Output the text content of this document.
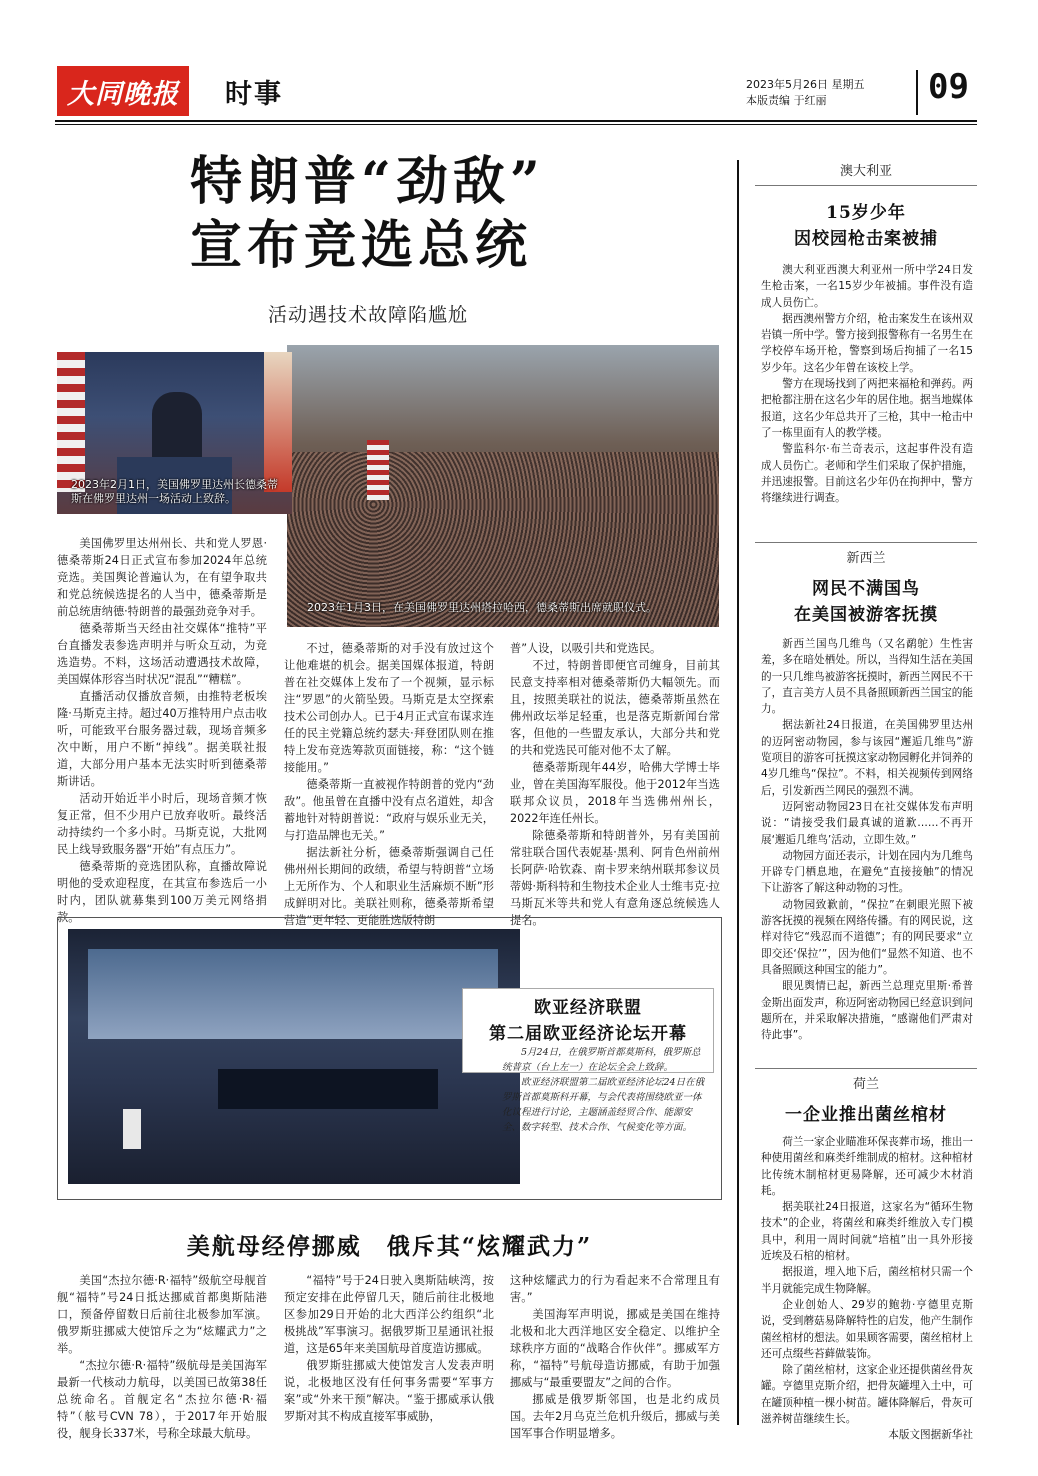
大同晚报	时事	2023年5月26日 星期五
本版责编 于红丽	09
特朗普“劲敌”
宣布竞选总统
活动遇技术故障陷尴尬
2023年1月3日，在美国佛罗里达州塔拉哈西，德桑蒂斯出席就职仪式。
2023年2月1日，美国佛罗里达州长德桑蒂斯在佛罗里达州一场活动上致辞。

美国佛罗里达州州长、共和党人罗恩·德桑蒂斯24日正式宣布参加2024年总统竞选。美国舆论普遍认为，在有望争取共和党总统候选提名的人当中，德桑蒂斯是前总统唐纳德·特朗普的最强劲竞争对手。

德桑蒂斯当天经由社交媒体“推特”平台直播发表参选声明并与听众互动，为竞选造势。不料，这场活动遭遇技术故障，美国媒体形容当时状况“混乱”“糟糕”。

直播活动仅播放音频，由推特老板埃隆·马斯克主持。超过40万推特用户点击收听，可能致平台服务器过载，现场音频多次中断，用户不断“掉线”。据美联社报道，大部分用户基本无法实时听到德桑蒂斯讲话。

活动开始近半小时后，现场音频才恢复正常，但不少用户已放弃收听。最终活动持续约一个多小时。马斯克说，大批网民上线导致服务器“开始”有点压力”。

德桑蒂斯的竞选团队称，直播故障说明他的受欢迎程度，在其宣布参选后一小时内，团队就募集到100万美元网络捐款。

不过，德桑蒂斯的对手没有放过这个让他难堪的机会。据美国媒体报道，特朗普在社交媒体上发布了一个视频，显示标注“罗恩”的火箭坠毁。马斯克是太空探索技术公司创办人。已于4月正式宣布谋求连任的民主党籍总统约瑟夫·拜登团队则在推特上发布竞选筹款页面链接，称：“这个链接能用。”

德桑蒂斯一直被视作特朗普的党内“劲敌”。他虽曾在直播中没有点名道姓，却含蓄地针对特朗普说：“政府与娱乐业无关，与打造品牌也无关。”

据法新社分析，德桑蒂斯强调自己任佛州州长期间的政绩，希望与特朗普“立场上无所作为、个人和职业生活麻烦不断”形成鲜明对比。美联社则称，德桑蒂斯希望营造“更年轻、更能胜选版特朗

普”人设，以吸引共和党选民。

不过，特朗普即便官司缠身，目前其民意支持率相对德桑蒂斯仍大幅领先。而且，按照美联社的说法，德桑蒂斯虽然在佛州政坛举足轻重，也是落克斯新闻台常客，但他的一些盟友承认，大部分共和党的共和党选民可能对他不太了解。

德桑蒂斯现年44岁，哈佛大学博士毕业，曾在美国海军服役。他于2012年当选联邦众议员，2018年当选佛州州长，2022年连任州长。

除德桑蒂斯和特朗普外，另有美国前常驻联合国代表妮基·黑利、阿肯色州前州长阿萨·哈钦森、南卡罗来纳州联邦参议员蒂姆·斯科特和生物技术企业人士维韦克·拉马斯瓦米等共和党人有意角逐总统候选人提名。

欧亚经济联盟
第二届欧亚经济论坛开幕

5月24日，在俄罗斯首都莫斯科，俄罗斯总统普京（台上左一）在论坛全会上致辞。

欧亚经济联盟第二届欧亚经济论坛24日在俄罗斯首都莫斯科开幕，与会代表将围绕欧亚一体化议程进行讨论，主题涵盖经贸合作、能源安全、数字转型、技术合作、气候变化等方面。

美航母经停挪威　俄斥其“炫耀武力”

美国“杰拉尔德·R·福特”级航空母舰首舰“福特”号24日抵达挪威首都奥斯陆港口，预备停留数日后前往北极参加军演。俄罗斯驻挪威大使馆斥之为“炫耀武力”之举。

“杰拉尔德·R·福特”级航母是美国海军最新一代核动力航母，以美国已故第38任总统命名。首舰定名“杰拉尔德·R·福特”（舷号CVN 78），于2017年开始服役，舰身长337米，号称全球最大航母。

“福特”号于24日驶入奥斯陆峡湾，按预定安排在此停留几天，随后前往北极地区参加29日开始的北大西洋公约组织“北极挑战”军事演习。据俄罗斯卫星通讯社报道，这是65年来美国航母首度造访挪威。

俄罗斯驻挪威大使馆发言人发表声明说，北极地区没有任何事务需要“军事方案”或“外来干预”解决。“鉴于挪威承认俄罗斯对其不构成直接军事威胁，

这种炫耀武力的行为看起来不合常理且有害。”

美国海军声明说，挪威是美国在维持北极和北大西洋地区安全稳定、以维护全球秩序方面的“战略合作伙伴”。挪威军方称，“福特”号航母造访挪威，有助于加强挪威与“最重要盟友”之间的合作。

挪威是俄罗斯邻国，也是北约成员国。去年2月乌克兰危机升级后，挪威与美国军事合作明显增多。

澳大利亚
15岁少年
因校园枪击案被捕

澳大利亚西澳大利亚州一所中学24日发生枪击案，一名15岁少年被捕。事件没有造成人员伤亡。

据西澳州警方介绍，枪击案发生在该州双岩镇一所中学。警方接到报警称有一名男生在学校停车场开枪，警察到场后拘捕了一名15岁少年。这名少年曾在该校上学。

警方在现场找到了两把来福枪和弹药。两把枪都注册在这名少年的居住地。据当地媒体报道，这名少年总共开了三枪，其中一枪击中了一栋里面有人的教学楼。

警监科尔·布兰奇表示，这起事件没有造成人员伤亡。老师和学生们采取了保护措施，并迅速报警。目前这名少年仍在拘押中，警方将继续进行调查。

新西兰
网民不满国鸟
在美国被游客抚摸

新西兰国鸟几维鸟（又名鹬鸵）生性害羞，多在暗处栖处。所以，当得知生活在美国的一只几维鸟被游客抚摸时，新西兰网民不干了，直言美方人员不具备照顾新西兰国宝的能力。

据法新社24日报道，在美国佛罗里达州的迈阿密动物园，参与该园“邂逅几维鸟”游览项目的游客可抚摸这家动物园孵化并饲养的4岁几维鸟“保拉”。不料，相关视频传到网络后，引发新西兰网民的强烈不满。

迈阿密动物园23日在社交媒体发布声明说：“请接受我们最真诚的道歉……不再开展‘邂逅几维鸟’活动，立即生效。”

动物园方面还表示，计划在园内为几维鸟开辟专门栖息地，在避免“直接接触”的情况下让游客了解这种动物的习性。

动物园致歉前，“保拉”在刺眼光照下被游客抚摸的视频在网络传播。有的网民说，这样对待它“残忍而不道德”；有的网民要求“立即交还‘保拉’”，因为他们“显然不知道、也不具备照顾这种国宝的能力”。

眼见舆情已起，新西兰总理克里斯·希普金斯出面发声，称迈阿密动物园已经意识到问题所在，并采取解决措施，“感谢他们严肃对待此事”。

荷兰
一企业推出菌丝棺材

荷兰一家企业瞄准环保丧葬市场，推出一种使用菌丝和麻类纤维制成的棺材。这种棺材比传统木制棺材更易降解，还可减少木材消耗。

据美联社24日报道，这家名为“循环生物技术”的企业，将菌丝和麻类纤维放入专门模具中，利用一周时间就“培植”出一具外形接近埃及石棺的棺材。

据报道，埋入地下后，菌丝棺材只需一个半月就能完成生物降解。

企业创始人、29岁的鲍勃·亨德里克斯说，受到蘑菇易降解特性的启发，他产生制作菌丝棺材的想法。如果顾客需要，菌丝棺材上还可点缀些苔藓做装饰。

除了菌丝棺材，这家企业还提供菌丝骨灰罐。亨德里克斯介绍，把骨灰罐埋入土中，可在罐顶种植一棵小树苗。罐体降解后，骨灰可滋养树苗继续生长。

本版文图据新华社
